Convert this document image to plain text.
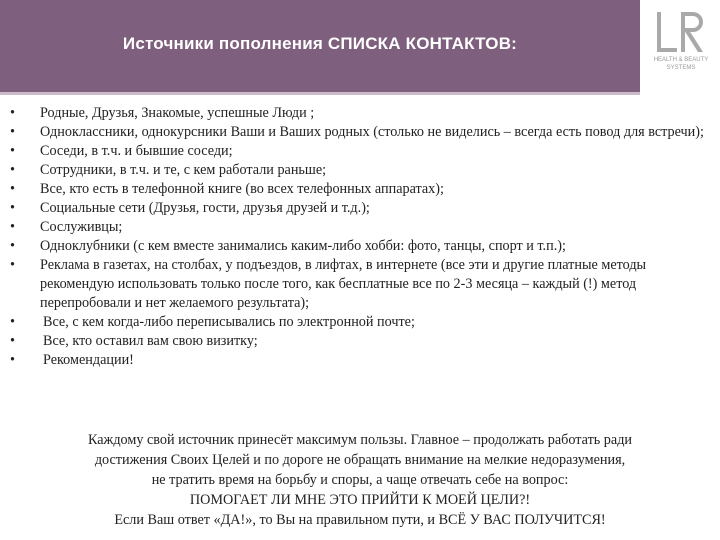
Источники пополнения СПИСКА КОНТАКТОВ:
HEALTH & BEAUTY
SYSTEMS
•	Родные, Друзья, Знакомые, успешные Люди ;
•	Одноклассники, однокурсники Ваши и Ваших родных (столько не виделись – всегда есть повод для встречи);
•	Соседи, в т.ч. и бывшие соседи;
•	Сотрудники, в т.ч. и те, с кем работали раньше;
•	Все, кто есть в телефонной книге (во всех телефонных аппаратах);
•	Социальные сети (Друзья, гости, друзья друзей и т.д.);
•	Сослуживцы;
•	Одноклубники (с кем вместе занимались каким-либо хобби: фото, танцы, спорт и т.п.);
•	Реклама в газетах, на столбах, у подъездов, в лифтах, в интернете (все эти и другие платные методы рекомендую использовать только после того, как бесплатные все по 2-3 месяца – каждый (!) метод перепробовали и нет желаемого результата);
•	Все, с кем когда-либо переписывались по электронной почте;
•	Все, кто оставил вам свою визитку;
•	Рекомендации!
Каждому свой источник принесёт максимум пользы. Главное – продолжать работать ради
достижения Своих Целей и по дороге не обращать внимание на мелкие недоразумения,
не тратить время на борьбу и споры, а чаще отвечать себе на вопрос:
ПОМОГАЕТ ЛИ МНЕ ЭТО ПРИЙТИ К МОЕЙ ЦЕЛИ?!
Если Ваш ответ «ДА!», то Вы на правильном пути, и ВСЁ У ВАС ПОЛУЧИТСЯ!
